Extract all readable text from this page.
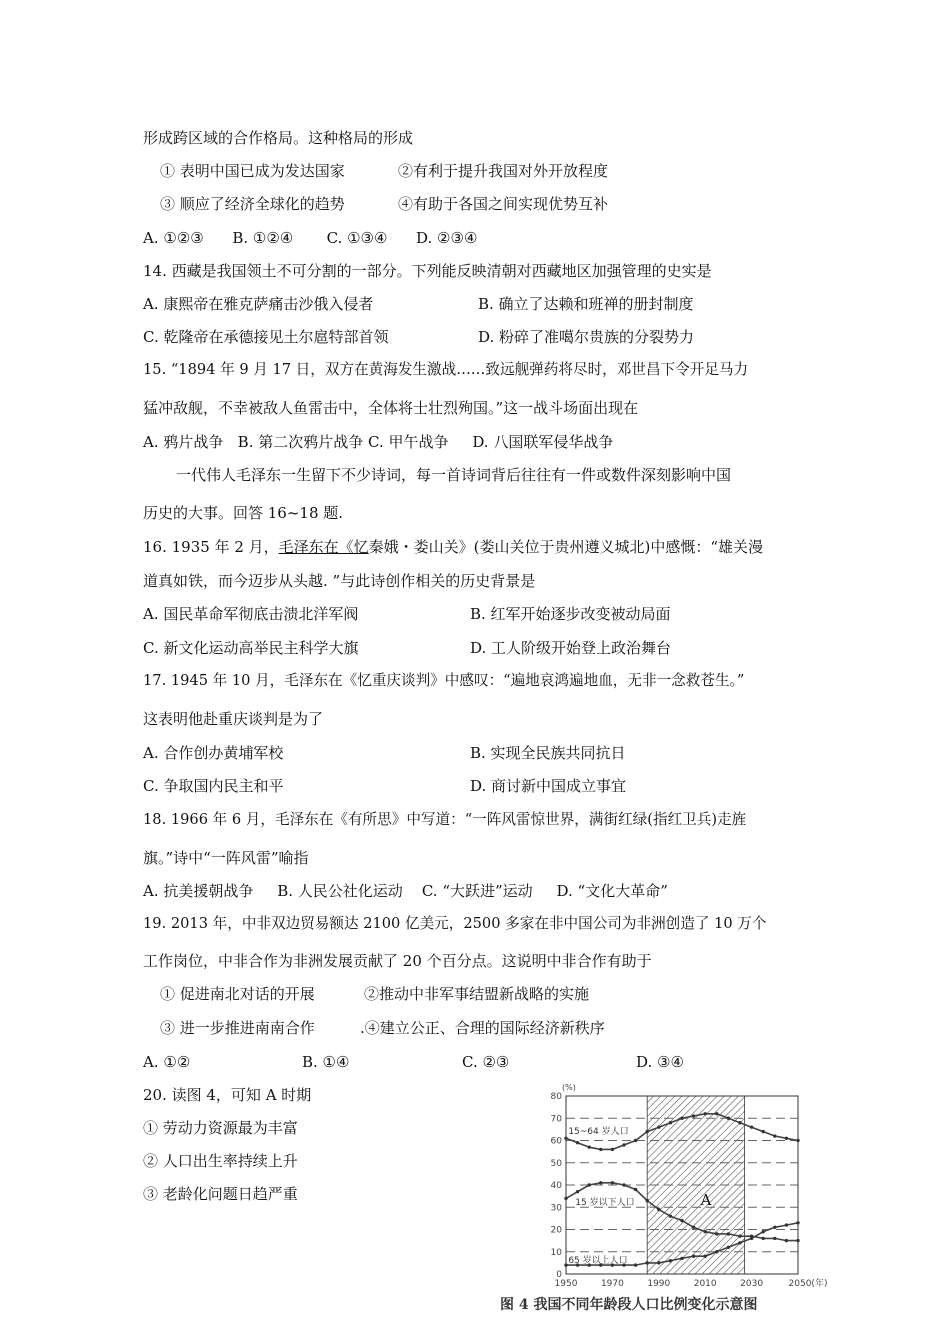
形成跨区域的合作格局。这种格局的形成
① 表明中国已成为发达国家	②有利于提升我国对外开放程度
③ 顺应了经济全球化的趋势	④有助于各国之间实现优势互补
A. ①②③      B. ①②④       C. ①③④      D. ②③④
14. 西藏是我国领土不可分割的一部分。下列能反映清朝对西藏地区加强管理的史实是
A. 康熙帝在雅克萨痛击沙俄入侵者	B. 确立了达赖和班禅的册封制度
C. 乾隆帝在承德接见土尔扈特部首领	D. 粉碎了准噶尔贵族的分裂势力
15. “1894 年 9 月 17 日，双方在黄海发生激战……致远舰弹药将尽时，邓世昌下令开足马力
猛冲敌舰，不幸被敌人鱼雷击中，全体将士壮烈殉国。”这一战斗场面出现在
A. 鸦片战争   B. 第二次鸦片战争 C. 甲午战争     D. 八国联军侵华战争
一代伟人毛泽东一生留下不少诗词，每一首诗词背后往往有一件或数件深刻影响中国
历史的大事。回答 16~18 题.
16. 1935 年 2 月，毛泽东在《忆秦娥・娄山关》(娄山关位于贵州遵义城北)中感慨：“雄关漫
道真如铁，而今迈步从头越. ”与此诗创作相关的历史背景是
A. 国民革命军彻底击溃北洋军阀	B. 红军开始逐步改变被动局面
C. 新文化运动高举民主科学大旗	D. 工人阶级开始登上政治舞台
17. 1945 年 10 月，毛泽东在《忆重庆谈判》中感叹：“遍地哀鸿遍地血，无非一念救苍生。”
这表明他赴重庆谈判是为了
A. 合作创办黄埔军校	B. 实现全民族共同抗日
C. 争取国内民主和平	D. 商讨新中国成立事宜
18. 1966 年 6 月，毛泽东在《有所思》中写道：“一阵风雷惊世界，满街红绿(指红卫兵)走旌
旗。”诗中“一阵风雷”喻指
A. 抗美援朝战争     B. 人民公社化运动    C. “大跃进”运动     D. “文化大革命”
19. 2013 年，中非双边贸易额达 2100 亿美元，2500 多家在非中国公司为非洲创造了 10 万个
工作岗位，中非合作为非洲发展贡献了 20 个百分点。这说明中非合作有助于
① 促进南北对话的开展	②推动中非军事结盟新战略的实施
③ 进一步推进南南合作	.④建立公正、合理的国际经济新秩序
A. ①②	B. ①④	C. ②③	D. ③④
20. 读图 4，可知 A 时期
① 劳动力资源最为丰富
② 人口出生率持续上升
③ 老龄化问题日趋严重
(%)
0
10
20
30
40
50
60
70
80
1950	1970	1990	2010	2030	2050(年)
A
15~64 岁人口
15 岁以下人口
65 岁以上人口
图 4 我国不同年龄段人口比例变化示意图
